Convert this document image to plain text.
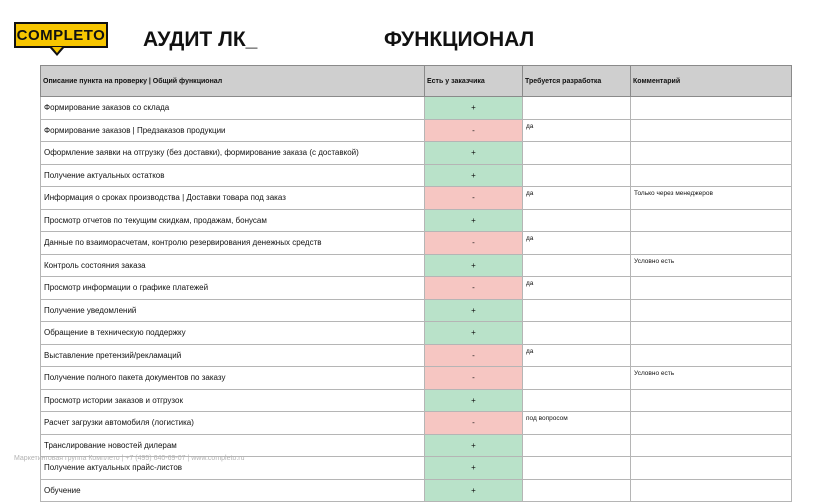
COMPLETO АУДИТ ЛК_	ФУНКЦИОНАЛ
Описание пункта на проверку | Общий функционал	Есть у заказчика	Требуется разработка	Комментарий
Формирование заказов со склада	+		
Формирование заказов | Предзаказов продукции	-	да	
Оформление заявки на отгрузку (без доставки), формирование заказа (с доставкой)	+		
Получение актуальных остатков	+		
Информация о сроках производства | Доставки товара под заказ	-	да	Только через менеджеров
Просмотр отчетов по текущим скидкам, продажам, бонусам	+		
Данные по взаиморасчетам, контролю резервирования денежных средств	-	да	
Контроль состояния заказа	+		Условно есть
Просмотр информации о графике платежей	-	да	
Получение уведомлений	+		
Обращение в техническую поддержку	+		
Выставление претензий/рекламаций	-	да	
Получение полного пакета документов по заказу	-		Условно есть
Просмотр истории заказов и отгрузок	+		
Расчет загрузки автомобиля (логистика)	-	под вопросом	
Транслирование новостей дилерам	+		
Получение актуальных прайс-листов	+		
Обучение	+		
Маркетинговая группа Комплето | +7 (495) 640-69-07 | www.completo.ru
